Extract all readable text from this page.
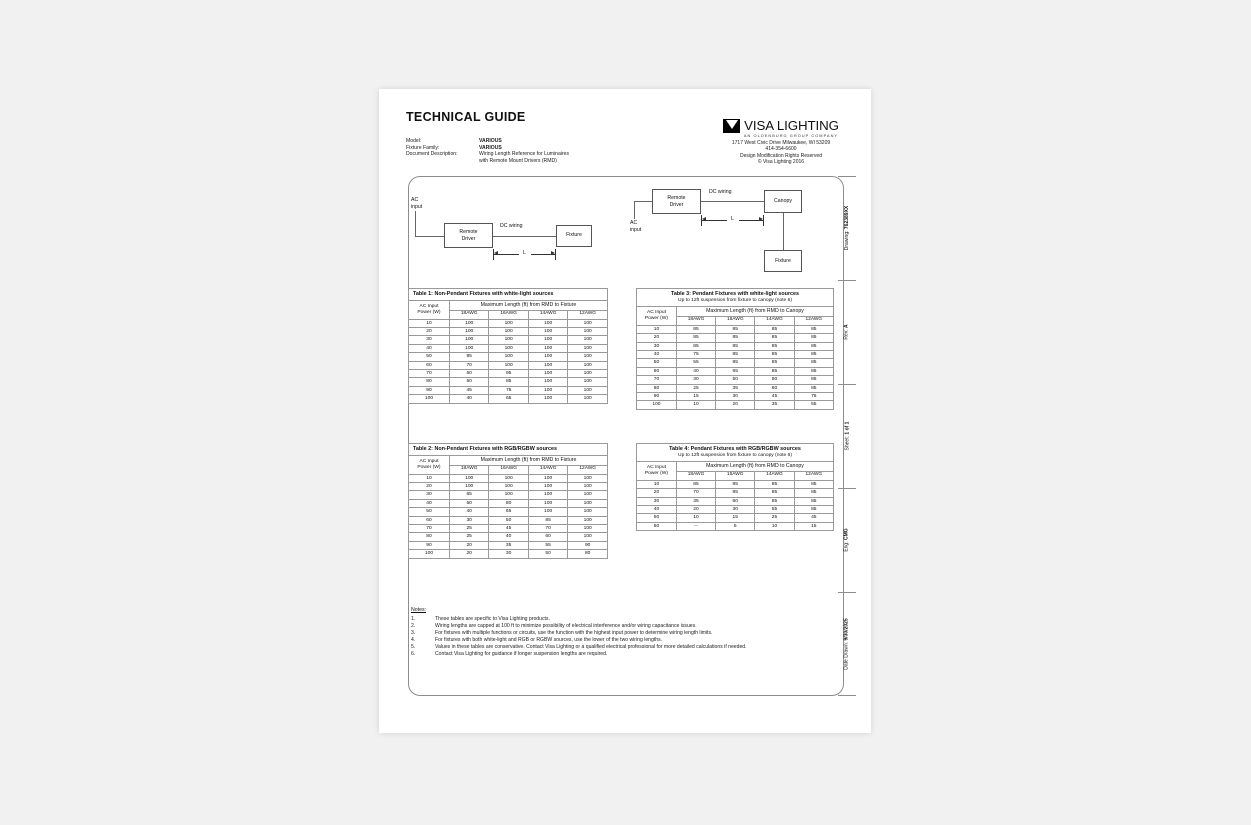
TECHNICAL GUIDE
Model:	VARIOUS
Fixture Family:	VARIOUS
Document Description:	Wiring Length Reference for Luminaires
with Remote Mount Drivers (RMD)
VISA LIGHTING
AN OLDENBURG GROUP COMPANY
1717 West Civic Drive Milwaukee, WI 53209
414-354-6600
Design Modification Rights Reserved
© Visa Lighting 2016
AC
input
Remote
Driver
DC wiring
Fixture
L
Remote
Driver
AC
input
DC wiring
Canopy
L
Fixture
Table 1: Non-Pendant Fixtures with white-light sources				

AC Input
Power (W)	Maximum Length (ft) from RMD to Fixture			
	18AWG	16AWG	14AWG	12AWG
10	100	100	100	100
20	100	100	100	100
30	100	100	100	100
40	100	100	100	100
50	85	100	100	100
60	70	100	100	100
70	60	95	100	100
80	50	85	100	100
90	45	75	100	100
100	40	65	100	100
Table 2: Non-Pendant Fixtures with RGB/RGBW sources				

AC Input
Power (W)	Maximum Length (ft) from RMD to Fixture			
	18AWG	16AWG	14AWG	12AWG
10	100	100	100	100
20	100	100	100	100
30	65	100	100	100
40	50	80	100	100
50	40	65	100	100
60	30	50	85	100
70	25	45	70	100
80	25	40	60	100
90	20	35	55	90
100	20	30	50	80
Table 3: Pendant Fixtures with white-light sources
Up to 12ft suspension from fixture to canopy (note 6)				

AC Input
Power (W)	Maximum Length (ft) from RMD to Canopy			
	18AWG	16AWG	14AWG	12AWG
10	85	85	85	85
20	85	85	85	85
30	85	85	85	85
40	75	85	85	85
50	55	85	85	85
60	40	65	85	85
70	30	50	80	85
80	25	35	60	85
90	15	30	45	75
100	10	20	35	55
Table 4: Pendant Fixtures with RGB/RGBW sources
Up to 12ft suspension from fixture to canopy (note 6)				

AC Input
Power (W)	Maximum Length (ft) from RMD to Canopy			
	18AWG	16AWG	14AWG	12AWG
10	85	85	85	85
20	70	85	85	85
30	35	60	85	85
40	20	30	55	85
50	10	15	25	45
60	--	5	10	15
Notes:
1.	These tables are specific to Visa Lighting products.
2.	Wiring lengths are capped at 100 ft to minimize possibility of electrical interference and/or wiring capacitance issues.
3.	For fixtures with multiple functions or circuits, use the function with the highest input power to determine wiring length limits.
4.	For fixtures with both white-light and RGB or RGBW sources, use the lower of the two wiring lengths.
5.	Values in these tables are conservative. Contact Visa Lighting or a qualified electrical professional for more detailed calculations if needed.
6.	Contact Visa Lighting for guidance if longer suspension lengths are required.
Drawing: 762389XX
Rev: A
Sheet: 1 of 1
Eng: CMG
Date Drawn: 9/30/2025
